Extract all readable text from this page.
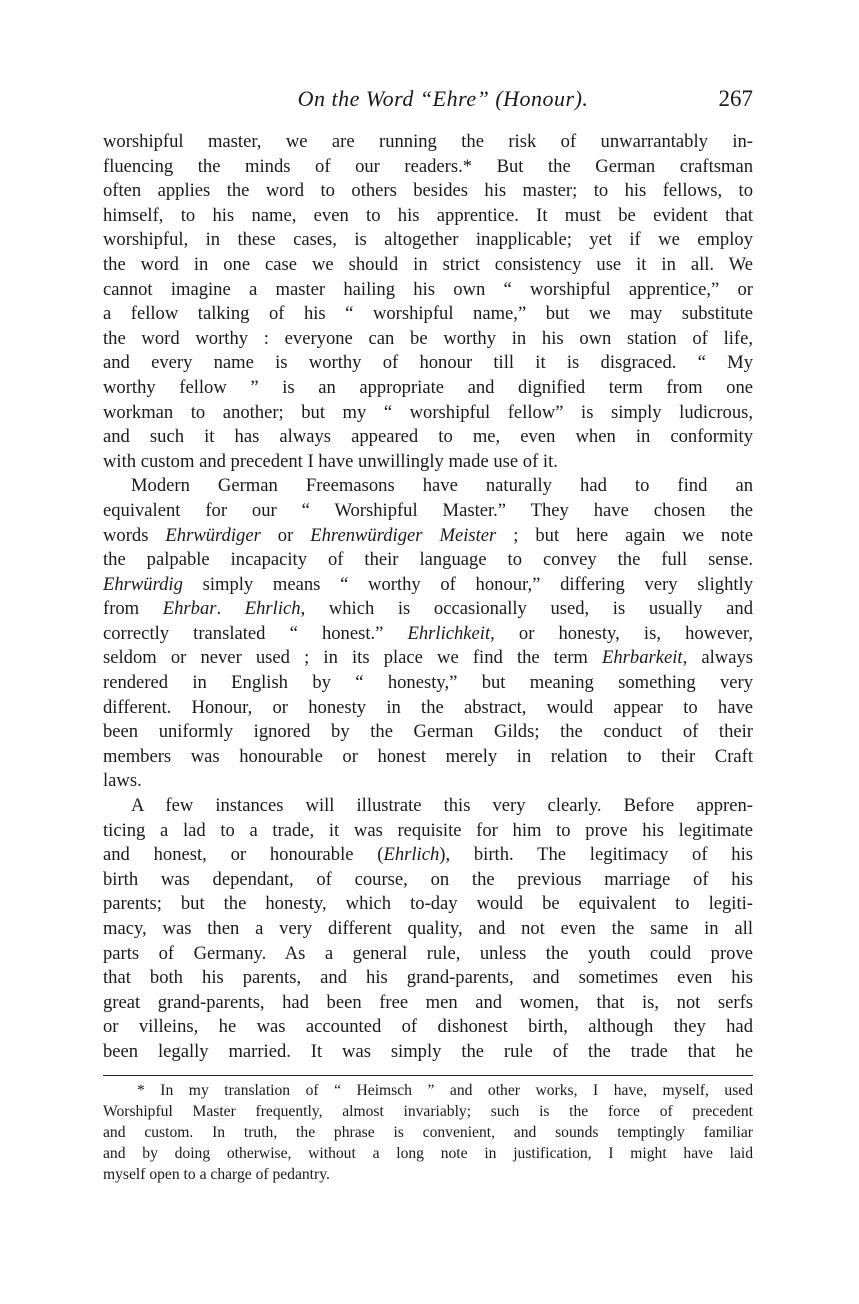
On the Word “Ehre” (Honour).	267
worshipful master, we are running the risk of unwarrantably in-
fluencing the minds of our readers.* But the German craftsman
often applies the word to others besides his master; to his fellows, to
himself, to his name, even to his apprentice. It must be evident that
worshipful, in these cases, is altogether inapplicable; yet if we employ
the word in one case we should in strict consistency use it in all. We
cannot imagine a master hailing his own “ worshipful apprentice,” or
a fellow talking of his “ worshipful name,” but we may substitute
the word worthy : everyone can be worthy in his own station of life,
and every name is worthy of honour till it is disgraced. “ My
worthy fellow ” is an appropriate and dignified term from one
workman to another; but my “ worshipful fellow” is simply ludicrous,
and such it has always appeared to me, even when in conformity
with custom and precedent I have unwillingly made use of it.
Modern German Freemasons have naturally had to find an
equivalent for our “ Worshipful Master.” They have chosen the
words Ehrwürdiger or Ehrenwürdiger Meister ; but here again we note
the palpable incapacity of their language to convey the full sense.
Ehrwürdig simply means “ worthy of honour,” differing very slightly
from Ehrbar. Ehrlich, which is occasionally used, is usually and
correctly translated “ honest.” Ehrlichkeit, or honesty, is, however,
seldom or never used ; in its place we find the term Ehrbarkeit, always
rendered in English by “ honesty,” but meaning something very
different. Honour, or honesty in the abstract, would appear to have
been uniformly ignored by the German Gilds; the conduct of their
members was honourable or honest merely in relation to their Craft
laws.
A few instances will illustrate this very clearly. Before appren-
ticing a lad to a trade, it was requisite for him to prove his legitimate
and honest, or honourable (Ehrlich), birth. The legitimacy of his
birth was dependant, of course, on the previous marriage of his
parents; but the honesty, which to-day would be equivalent to legiti-
macy, was then a very different quality, and not even the same in all
parts of Germany. As a general rule, unless the youth could prove
that both his parents, and his grand-parents, and sometimes even his
great grand-parents, had been free men and women, that is, not serfs
or villeins, he was accounted of dishonest birth, although they had
been legally married. It was simply the rule of the trade that he
* In my translation of “ Heimsch ” and other works, I have, myself, used
Worshipful Master frequently, almost invariably; such is the force of precedent
and custom. In truth, the phrase is convenient, and sounds temptingly familiar
and by doing otherwise, without a long note in justification, I might have laid
myself open to a charge of pedantry.
